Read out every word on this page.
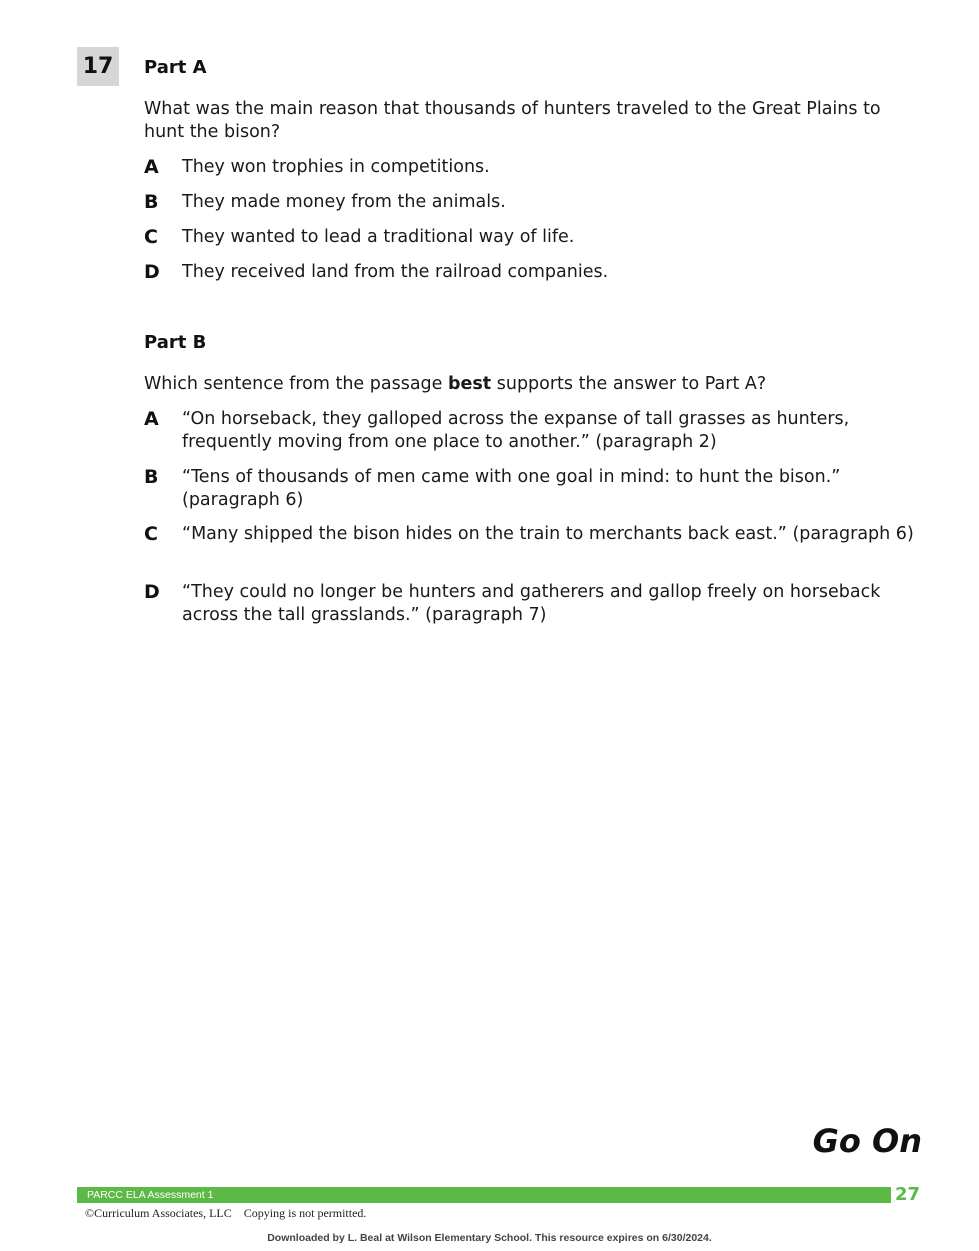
17	Part A
What was the main reason that thousands of hunters traveled to the Great Plains to hunt the bison?
A They won trophies in competitions.
B They made money from the animals.
C They wanted to lead a traditional way of life.
D They received land from the railroad companies.
Part B
Which sentence from the passage best supports the answer to Part A?
A “On horseback, they galloped across the expanse of tall grasses as hunters, frequently moving from one place to another.” (paragraph 2)
B “Tens of thousands of men came with one goal in mind: to hunt the bison.” (paragraph 6)
C “Many shipped the bison hides on the train to merchants back east.” (paragraph 6)
D “They could no longer be hunters and gatherers and gallop freely on horseback across the tall grasslands.” (paragraph 7)
Go On
PARCC ELA Assessment 1	27
©Curriculum Associates, LLC    Copying is not permitted.
Downloaded by L. Beal at Wilson Elementary School. This resource expires on 6/30/2024.
